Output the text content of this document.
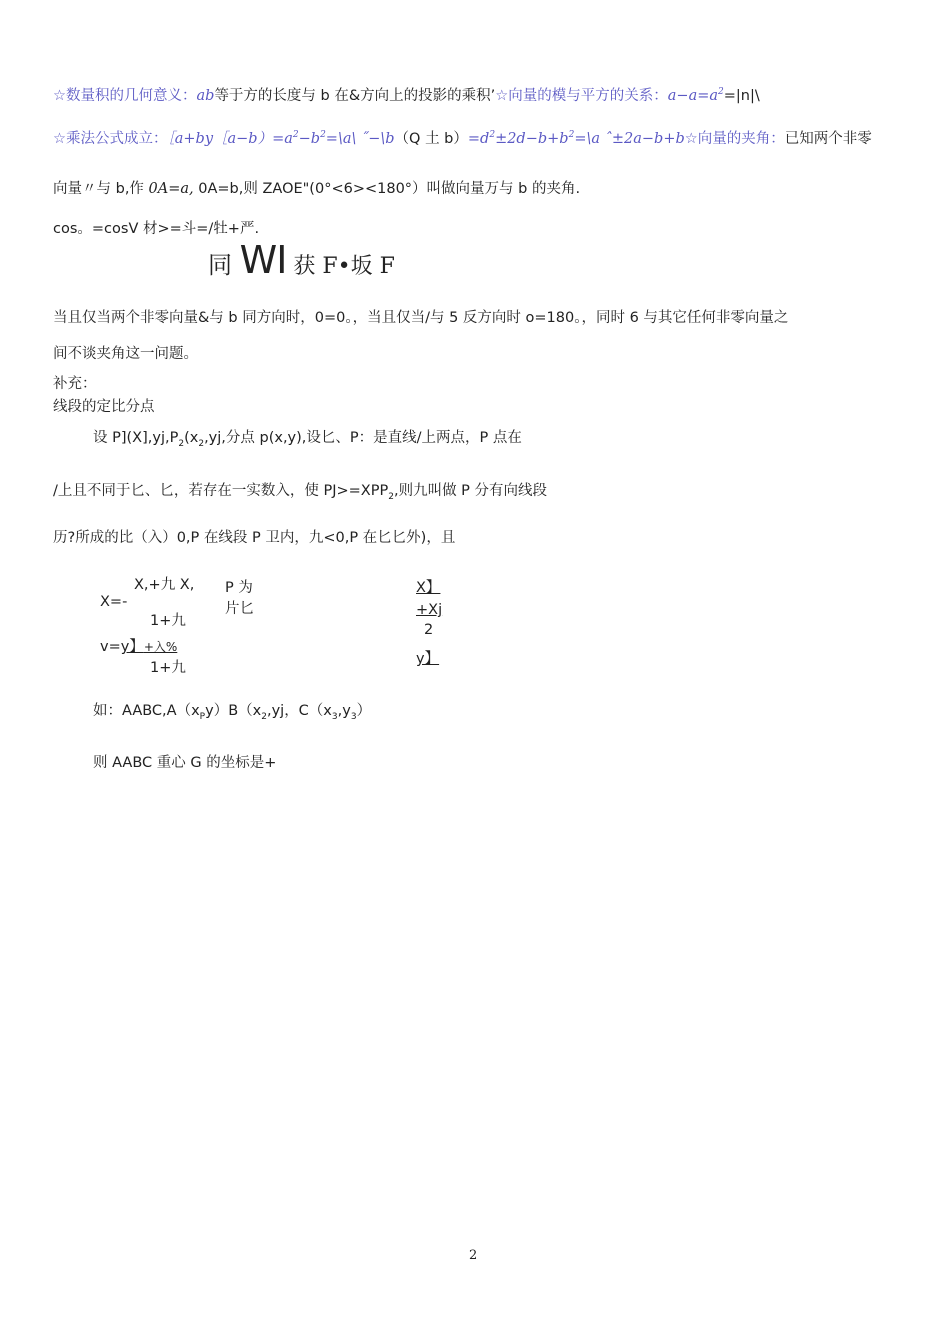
☆数量积的几何意义：ab等于方的长度与 b 在&方向上的投影的乘积’☆向量的模与平方的关系：$a-a=a^2=|n|\backslash$
☆乘法公式成立：$[a+by[a-b)=a^2-b^2=\backslash a\backslash$ ˝−\b（Q 土 $b)=d^2\pm 2d-b+b^2=\backslash a$ ˆ±2a−b+b☆向量的夹角：已知两个非零
向量〃与 b,作 0A=a, 0A=b,则 ZAOE"(0°<6><180°）叫做向量万与 b 的夹角.
cos。=cosV 材>=斗=/牡+严.
同 WI 获 F•坂 F
当且仅当两个非零向量&与 b 同方向时，0=0。，当且仅当/与 5 反方向时 o=180。，同时 6 与其它任何非零向量之
间不谈夹角这一问题。
补充：
线段的定比分点
设 $P](X],yj,P_2(x_2,yj$,分点 p(x,y),设匕、P：是直线/上两点，P 点在
/上且不同于匕、匕，若存在一实数入，使 $PJ>=XPP_2$,则九叫做 P 分有向线段
历?所成的比（入）0,P 在线段 P 卫内，九<0,P 在匕匕外)，且
X,+九 X,
X=-
1+九
P 为
片匕
v=y】+入%
1+九
X】
+Xj
2
y】
如：$AABC,A(x_Py)B(x_2,yj$，$C(x_3,y_3)$
则 AABC 重心 G 的坐标是+
2
